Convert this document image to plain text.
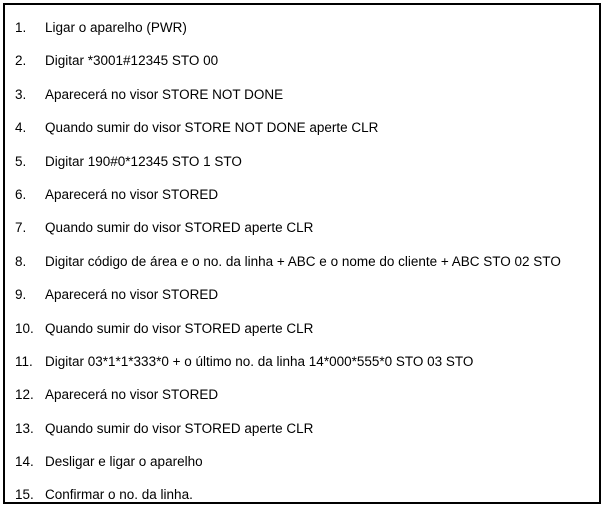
1.	Ligar o aparelho (PWR)
2.	Digitar *3001#12345 STO 00
3.	Aparecerá no visor STORE NOT DONE
4.	Quando sumir do visor STORE NOT DONE aperte CLR
5.	Digitar 190#0*12345 STO 1 STO
6.	Aparecerá no visor STORED
7.	Quando sumir do visor STORED aperte CLR
8.	Digitar código de área e o no. da linha + ABC e o nome do cliente + ABC STO 02 STO
9.	Aparecerá no visor STORED
10. Quando sumir do visor STORED aperte CLR
11. Digitar 03*1*1*333*0 + o último no. da linha 14*000*555*0 STO 03 STO
12. Aparecerá no visor STORED
13. Quando sumir do visor STORED aperte CLR
14. Desligar e ligar o aparelho
15. Confirmar o no. da linha.
